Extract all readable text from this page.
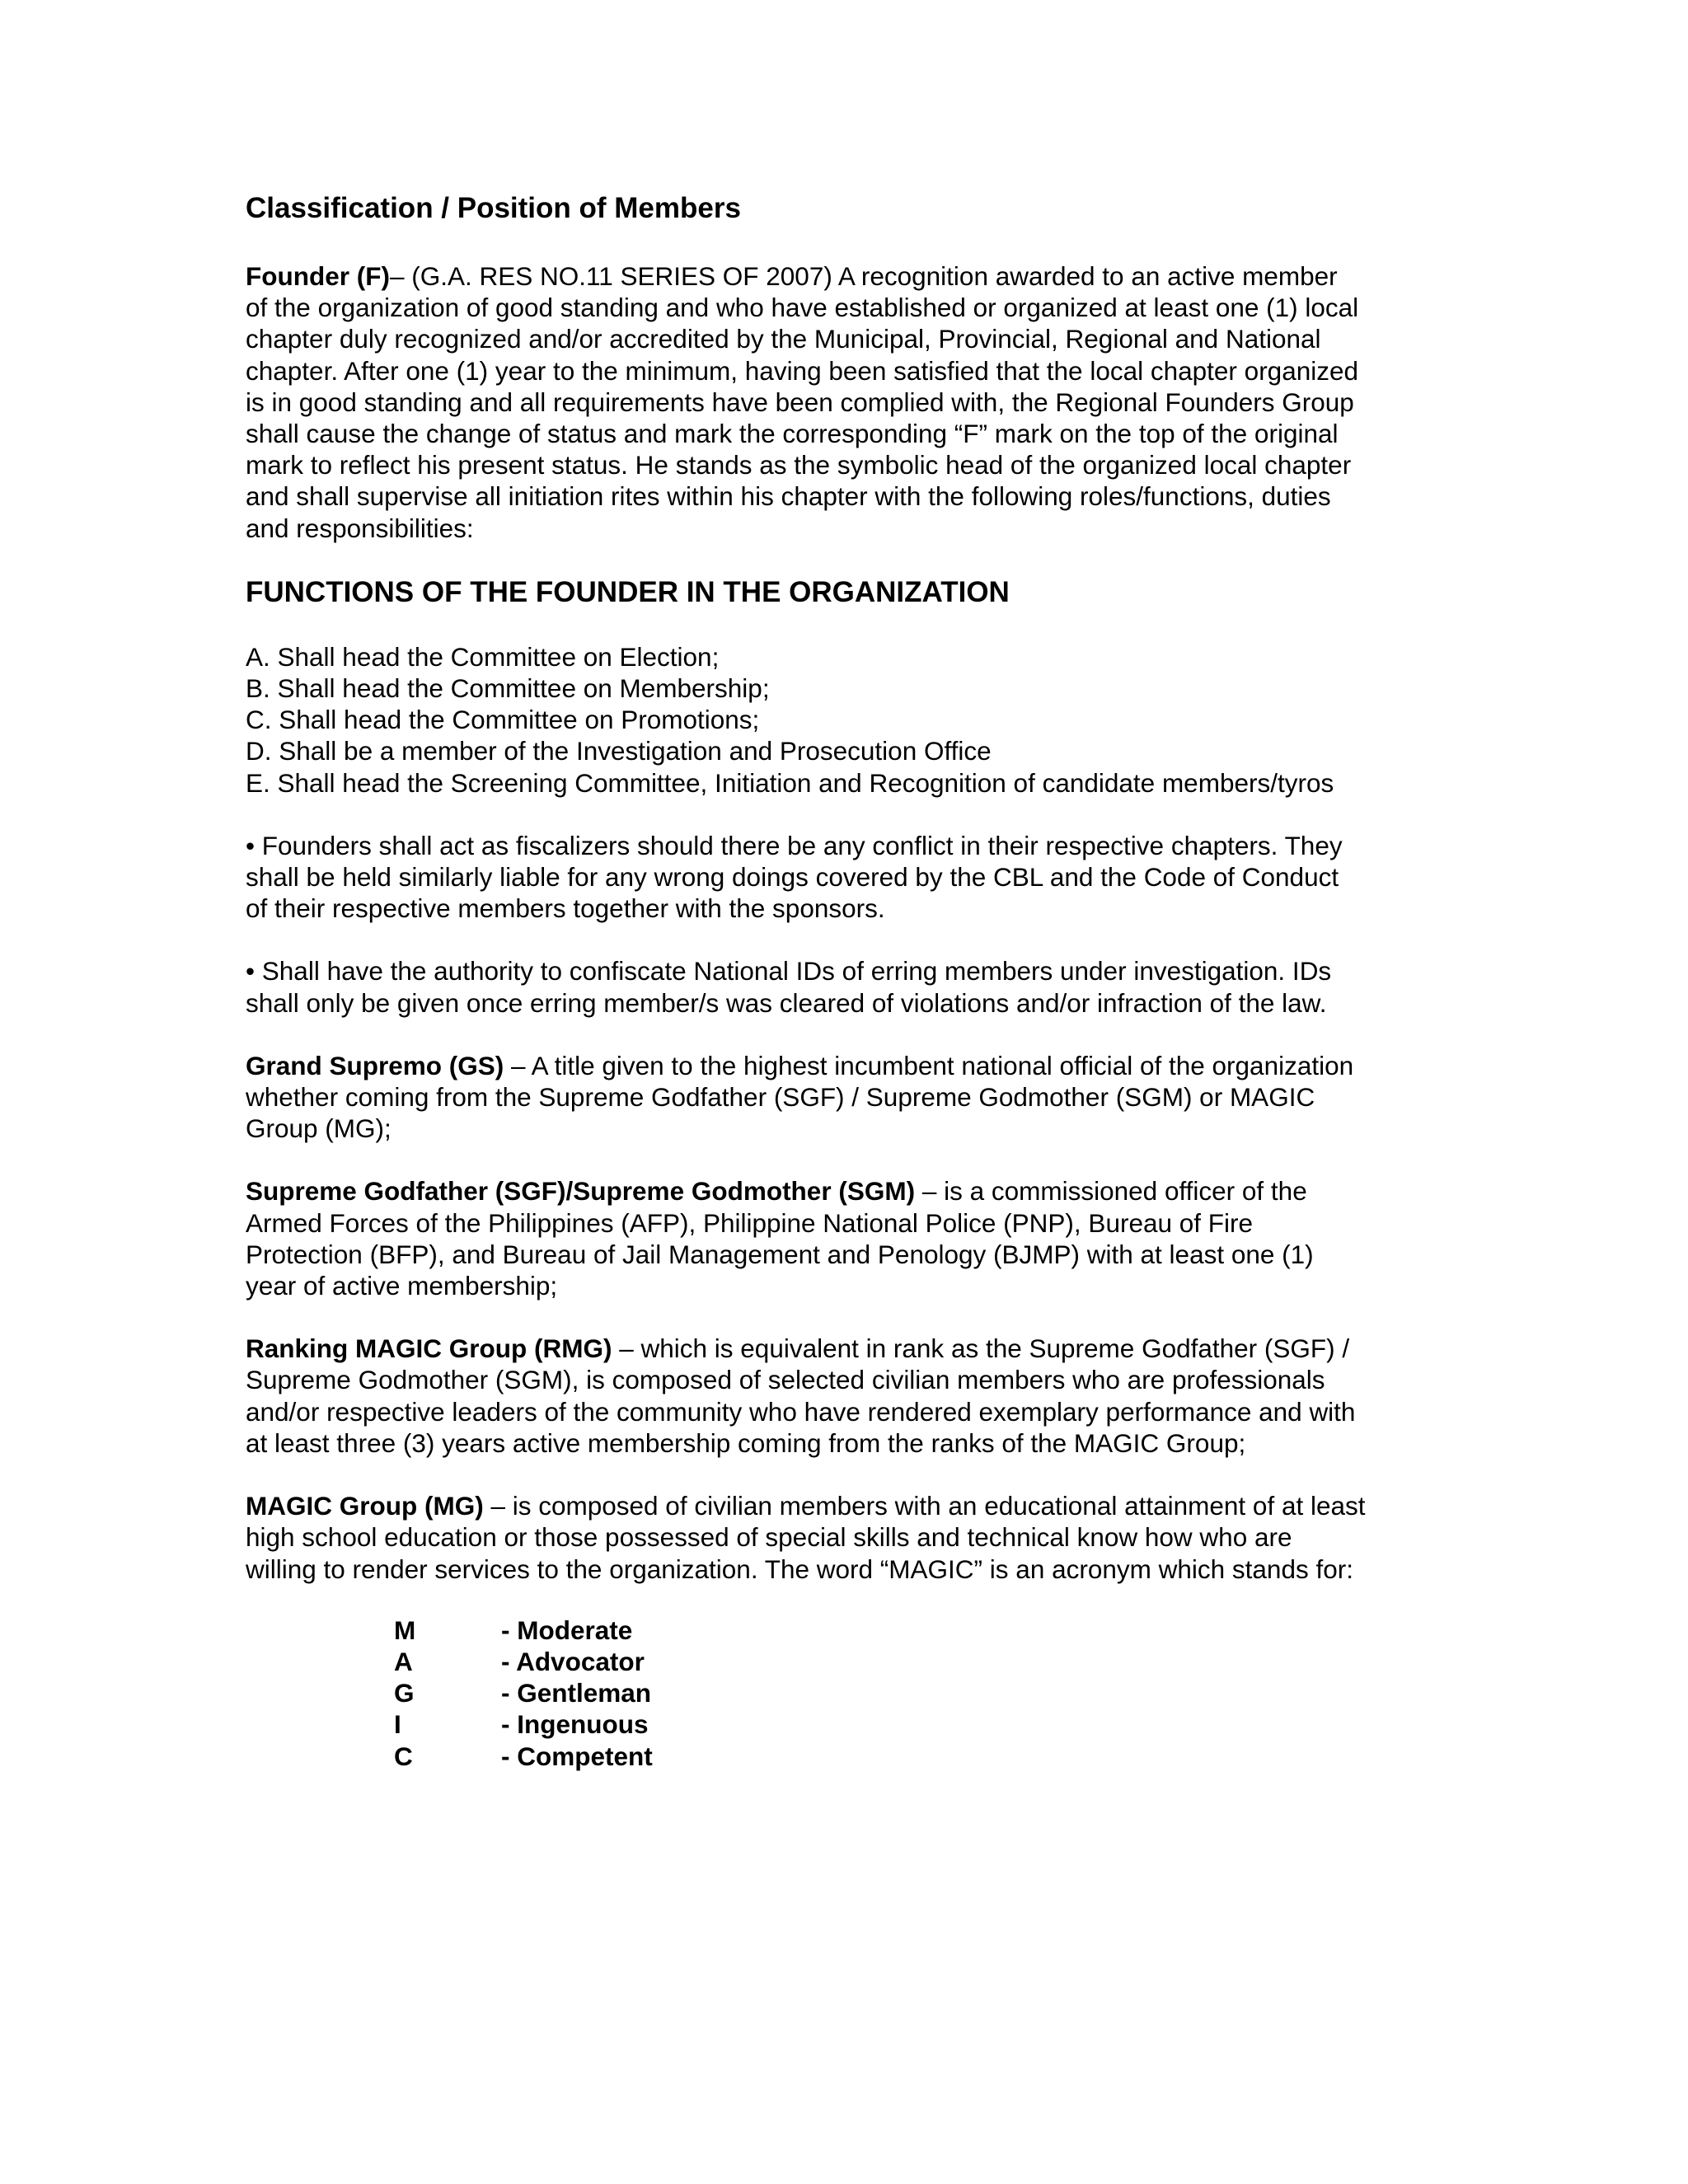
Classification / Position of Members

Founder (F)– (G.A. RES NO.11 SERIES OF 2007) A recognition awarded to an active member
of the organization of good standing and who have established or organized at least one (1) local
chapter duly recognized and/or accredited by the Municipal, Provincial, Regional and National
chapter. After one (1) year to the minimum, having been satisfied that the local chapter organized
is in good standing and all requirements have been complied with, the Regional Founders Group
shall cause the change of status and mark the corresponding “F” mark on the top of the original
mark to reflect his present status. He stands as the symbolic head of the organized local chapter
and shall supervise all initiation rites within his chapter with the following roles/functions, duties
and responsibilities:

FUNCTIONS OF THE FOUNDER IN THE ORGANIZATION
A. Shall head the Committee on Election;
B. Shall head the Committee on Membership;
C. Shall head the Committee on Promotions;
D. Shall be a member of the Investigation and Prosecution Office
E. Shall head the Screening Committee, Initiation and Recognition of candidate members/tyros

• Founders shall act as fiscalizers should there be any conflict in their respective chapters. They
shall be held similarly liable for any wrong doings covered by the CBL and the Code of Conduct
of their respective members together with the sponsors.

• Shall have the authority to confiscate National IDs of erring members under investigation. IDs
shall only be given once erring member/s was cleared of violations and/or infraction of the law.

Grand Supremo (GS) – A title given to the highest incumbent national official of the organization
whether coming from the Supreme Godfather (SGF) / Supreme Godmother (SGM) or MAGIC
Group (MG);

Supreme Godfather (SGF)/Supreme Godmother (SGM) – is a commissioned officer of the
Armed Forces of the Philippines (AFP), Philippine National Police (PNP), Bureau of Fire
Protection (BFP), and Bureau of Jail Management and Penology (BJMP) with at least one (1)
year of active membership;

Ranking MAGIC Group (RMG) – which is equivalent in rank as the Supreme Godfather (SGF) /
Supreme Godmother (SGM), is composed of selected civilian members who are professionals
and/or respective leaders of the community who have rendered exemplary performance and with
at least three (3) years active membership coming from the ranks of the MAGIC Group;

MAGIC Group (MG) – is composed of civilian members with an educational attainment of at least
high school education or those possessed of special skills and technical know how who are
willing to render services to the organization. The word “MAGIC” is an acronym which stands for:

M	- Moderate
A	- Advocator
G	- Gentleman
I	- Ingenuous
C	- Competent
